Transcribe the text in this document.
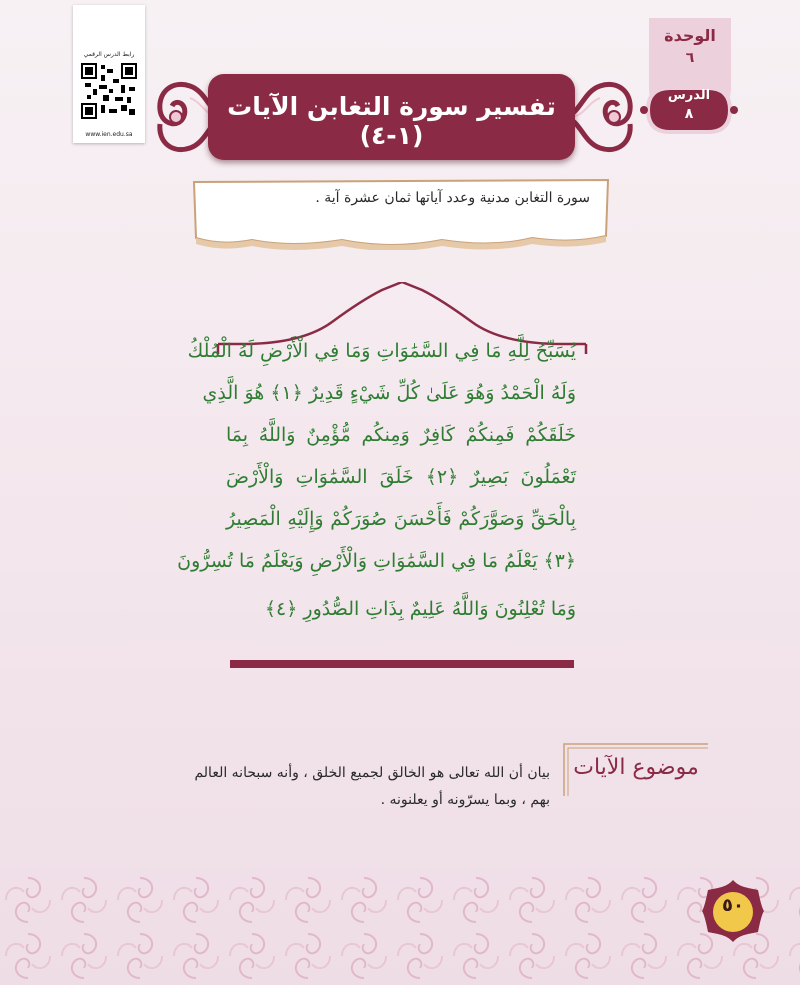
رابط الدرس الرقمي
www.ien.edu.sa
الوحدة
٦
الدرس
٨
تفسير سورة التغابن الآيات (١-٤)
سورة التغابن مدنية وعدد آياتها ثمان عشرة آية .
يُسَبِّحُ لِلَّهِ مَا فِي السَّمَٰوَاتِ وَمَا فِي الْأَرْضِ لَهُ الْمُلْكُ
وَلَهُ الْحَمْدُ وَهُوَ عَلَىٰ كُلِّ شَيْءٍ قَدِيرٌ ﴿١﴾ هُوَ الَّذِي
خَلَقَكُمْ فَمِنكُمْ كَافِرٌ وَمِنكُم مُّؤْمِنٌ وَاللَّهُ بِمَا
تَعْمَلُونَ بَصِيرٌ ﴿٢﴾ خَلَقَ السَّمَٰوَاتِ وَالْأَرْضَ
بِالْحَقِّ وَصَوَّرَكُمْ فَأَحْسَنَ صُوَرَكُمْ وَإِلَيْهِ الْمَصِيرُ
﴿٣﴾ يَعْلَمُ مَا فِي السَّمَٰوَاتِ وَالْأَرْضِ وَيَعْلَمُ مَا تُسِرُّونَ
وَمَا تُعْلِنُونَ وَاللَّهُ عَلِيمٌ بِذَاتِ الصُّدُورِ ﴿٤﴾
موضوع الآيات
بيان أن الله تعالى هو الخالق لجميع الخلق ، وأنه سبحانه العالم بهم ، وبما يسرّونه أو يعلنونه .
٥٠
